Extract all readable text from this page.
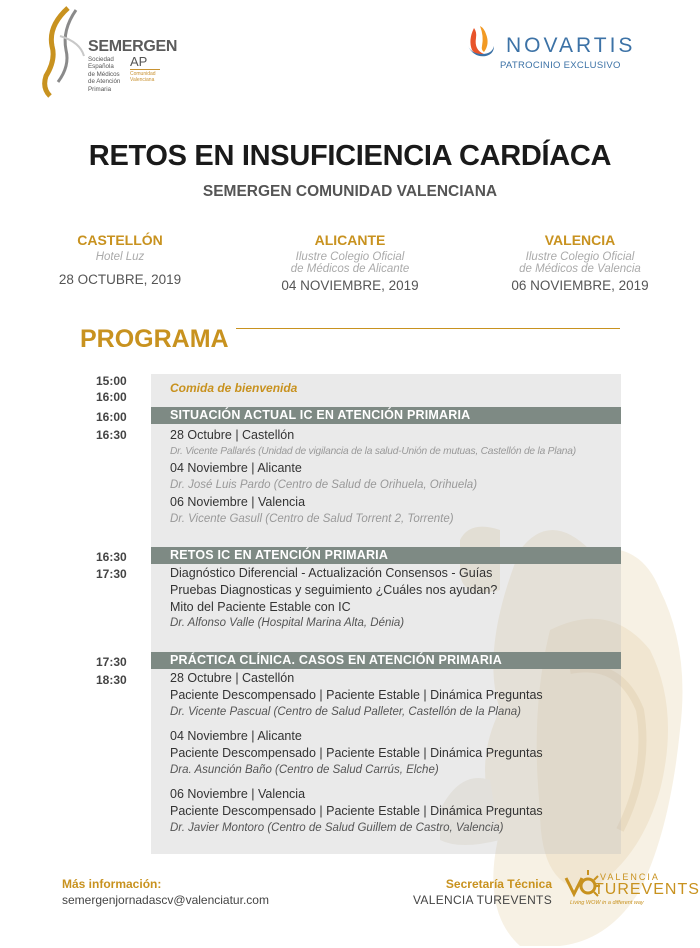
SEMERGEN
Sociedad
Española
de Médicos
de Atención
Primaria
AP
Comunidad
Valenciana
NOVARTIS
PATROCINIO EXCLUSIVO
RETOS EN INSUFICIENCIA CARDÍACA
SEMERGEN COMUNIDAD VALENCIANA
CASTELLÓN
Hotel Luz
28 OCTUBRE, 2019
ALICANTE
Ilustre Colegio Oficial
de Médicos de Alicante
04 NOVIEMBRE, 2019
VALENCIA
Ilustre Colegio Oficial
de Médicos de Valencia
06 NOVIEMBRE, 2019
PROGRAMA
15:00
16:00
Comida de bienvenida
16:00
16:30
SITUACIÓN ACTUAL IC EN ATENCIÓN PRIMARIA
28 Octubre | Castellón
Dr. Vicente Pallarés (Unidad de vigilancia de la salud-Unión de mutuas, Castellón de la Plana)
04 Noviembre | Alicante
Dr. José Luis Pardo (Centro de Salud de Orihuela, Orihuela)
06 Noviembre | Valencia
Dr. Vicente Gasull (Centro de Salud Torrent 2, Torrente)
16:30
17:30
RETOS IC EN ATENCIÓN PRIMARIA
Diagnóstico Diferencial - Actualización Consensos - Guías
Pruebas Diagnosticas y seguimiento ¿Cuáles nos ayudan?
Mito del Paciente Estable con IC
Dr. Alfonso Valle (Hospital Marina Alta, Dénia)
17:30
18:30
PRÁCTICA CLÍNICA. CASOS EN ATENCIÓN PRIMARIA
28 Octubre | Castellón
Paciente Descompensado | Paciente Estable | Dinámica Preguntas
Dr. Vicente Pascual (Centro de Salud Palleter, Castellón de la Plana)
04 Noviembre | Alicante
Paciente Descompensado | Paciente Estable | Dinámica Preguntas
Dra. Asunción Baño (Centro de Salud Carrús, Elche)
06 Noviembre | Valencia
Paciente Descompensado | Paciente Estable | Dinámica Preguntas
Dr. Javier Montoro (Centro de Salud Guillem de Castro, Valencia)
Más información:
semergenjornadascv@valenciatur.com
Secretaría Técnica
VALENCIA TUREVENTS
VALENCIA
TUREVENTS
Living WOW in a different way
